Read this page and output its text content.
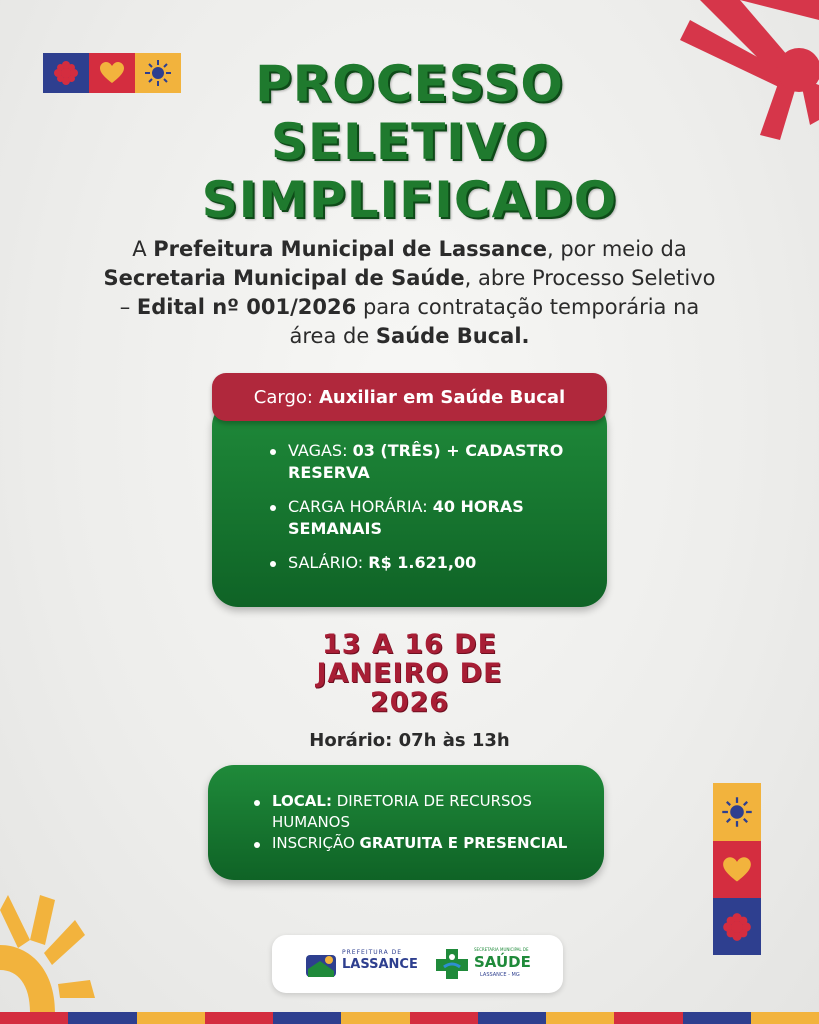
PROCESSO
SELETIVO
SIMPLIFICADO

A Prefeitura Municipal de Lassance, por meio da Secretaria Municipal de Saúde, abre Processo Seletivo – Edital nº 001/2026 para contratação temporária na área de Saúde Bucal.

Cargo: Auxiliar em Saúde Bucal
VAGAS: 03 (TRÊS) + CADASTRO RESERVA
CARGA HORÁRIA: 40 HORAS SEMANAIS
SALÁRIO: R$ 1.621,00
13 A 16 DE
JANEIRO DE
2026
Horário: 07h às 13h
LOCAL: DIRETORIA DE RECURSOS HUMANOS
INSCRIÇÃO GRATUITA E PRESENCIAL
PREFEITURA DE
LASSANCE
SECRETARIA MUNICIPAL DE
SAÚDE
LASSANCE - MG
